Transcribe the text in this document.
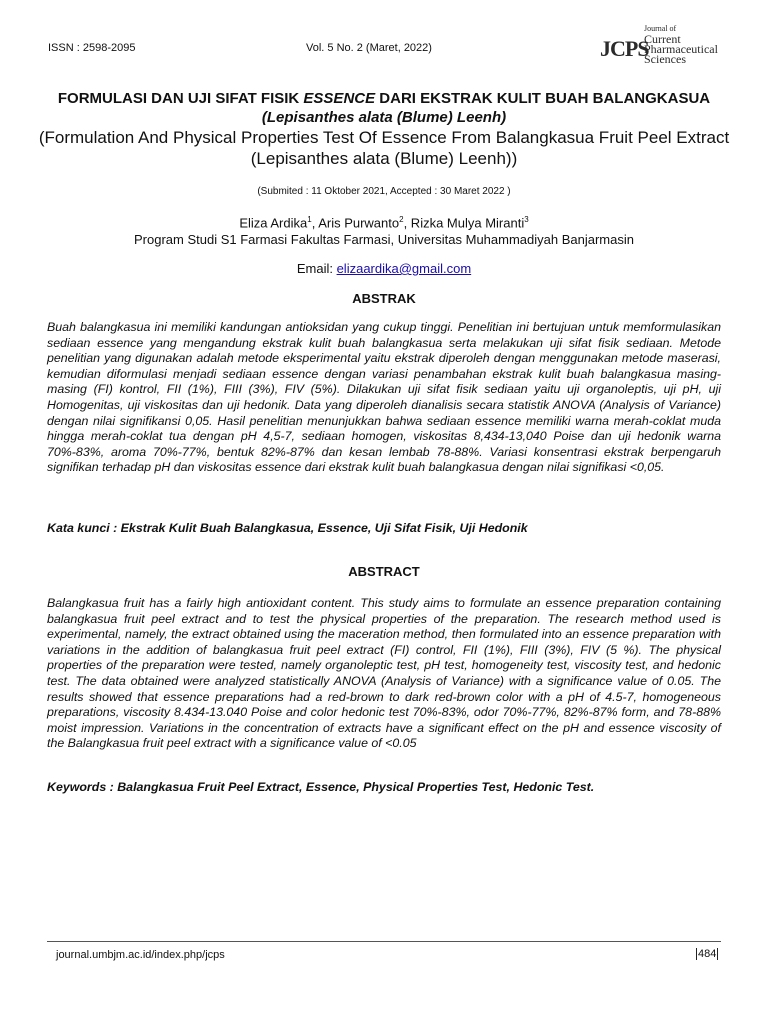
ISSN : 2598-2095	Vol. 5 No. 2 (Maret, 2022)	JCPS
Journal of
Current
Pharmaceutical
Sciences
FORMULASI DAN UJI SIFAT FISIK ESSENCE DARI EKSTRAK KULIT BUAH BALANGKASUA (Lepisanthes alata (Blume) Leenh)
(Formulation And Physical Properties Test Of Essence From Balangkasua Fruit Peel Extract (Lepisanthes alata (Blume) Leenh))
(Submited : 11 Oktober 2021, Accepted : 30 Maret 2022 )
Eliza Ardika$^1$, Aris Purwanto$^2$, Rizka Mulya Miranti$^3$
Program Studi S1 Farmasi Fakultas Farmasi, Universitas Muhammadiyah Banjarmasin
Email: elizaardika@gmail.com
ABSTRAK
Buah balangkasua ini memiliki kandungan antioksidan yang cukup tinggi. Penelitian ini bertujuan untuk memformulasikan sediaan essence yang mengandung ekstrak kulit buah balangkasua serta melakukan uji sifat fisik sediaan. Metode penelitian yang digunakan adalah metode eksperimental yaitu ekstrak diperoleh dengan menggunakan metode maserasi, kemudian diformulasi menjadi sediaan essence dengan variasi penambahan ekstrak kulit buah balangkasua masing-masing (FI) kontrol, FII (1%), FIII (3%), FIV (5%). Dilakukan uji sifat fisik sediaan yaitu uji organoleptis, uji pH, uji Homogenitas, uji viskositas dan uji hedonik. Data yang diperoleh dianalisis secara statistik ANOVA (Analysis of Variance) dengan nilai signifikansi 0,05. Hasil penelitian menunjukkan bahwa sediaan essence memiliki warna merah-coklat muda hingga merah-coklat tua dengan pH 4,5-7, sediaan homogen, viskositas 8,434-13,040 Poise dan uji hedonik warna 70%-83%, aroma 70%-77%, bentuk 82%-87% dan kesan lembab 78-88%. Variasi konsentrasi ekstrak berpengaruh signifikan terhadap pH dan viskositas essence dari ekstrak kulit buah balangkasua dengan nilai signifikasi <0,05.
Kata kunci : Ekstrak Kulit Buah Balangkasua, Essence, Uji Sifat Fisik, Uji Hedonik
ABSTRACT
Balangkasua fruit has a fairly high antioxidant content. This study aims to formulate an essence preparation containing balangkasua fruit peel extract and to test the physical properties of the preparation. The research method used is experimental, namely, the extract obtained using the maceration method, then formulated into an essence preparation with variations in the addition of balangkasua fruit peel extract (FI) control, FII (1%), FIII (3%), FIV (5 %). The physical properties of the preparation were tested, namely organoleptic test, pH test, homogeneity test, viscosity test, and hedonic test. The data obtained were analyzed statistically ANOVA (Analysis of Variance) with a significance value of 0.05. The results showed that essence preparations had a red-brown to dark red-brown color with a pH of 4.5-7, homogeneous preparations, viscosity 8.434-13.040 Poise and color hedonic test 70%-83%, odor 70%-77%, 82%-87% form, and 78-88% moist impression. Variations in the concentration of extracts have a significant effect on the pH and essence viscosity of the Balangkasua fruit peel extract with a significance value of <0.05
Keywords : Balangkasua Fruit Peel Extract, Essence, Physical Properties Test, Hedonic Test.
journal.umbjm.ac.id/index.php/jcps	484
